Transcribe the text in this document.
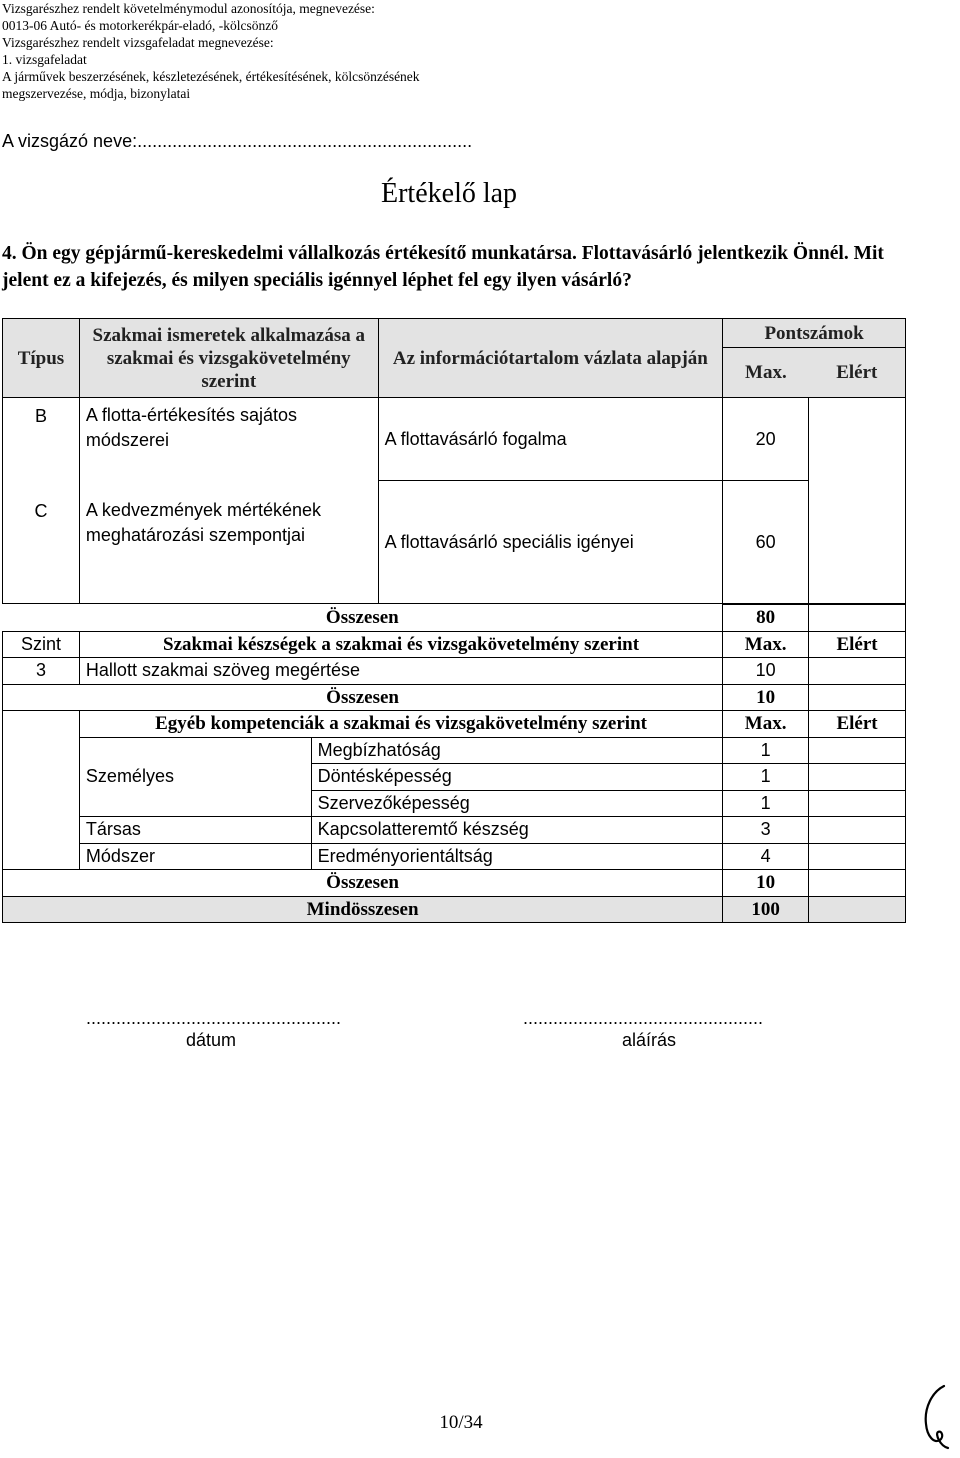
Vizsgarészhez rendelt követelménymodul azonosítója, megnevezése:
0013-06 Autó- és motorkerékpár-eladó, -kölcsönző
Vizsgarészhez rendelt vizsgafeladat megnevezése:
1. vizsgafeladat
A járművek beszerzésének, készletezésének, értékesítésének, kölcsönzésének
megszervezése, módja, bizonylatai
A vizsgázó neve:...................................................................
Értékelő lap
4. Ön egy gépjármű-kereskedelmi vállalkozás értékesítő munkatársa. Flottavásárló jelentkezik Önnél. Mit jelent ez a kifejezés, és milyen speciális igénnyel léphet fel egy ilyen vásárló?
Típus	Szakmai ismeretek alkalmazása a szakmai és vizsgakövetelmény szerint	Az információtartalom vázlata alapján	Pontszámok	
			Max.	Elért
B	A flotta-értékesítés sajátos módszerei	A flottavásárló fogalma	20	
C	A kedvezmények mértékének meghatározási szempontjai	A flottavásárló speciális igényei	60	
Összesen			80	
Szint	Szakmai készségek a szakmai és vizsgakövetelmény szerint		Max.	Elért
3	Hallott szakmai szöveg megértése		10	
Összesen			10	
	Egyéb kompetenciák a szakmai és vizsgakövetelmény szerint		Max.	Elért
	Személyes	Megbízhatóság	1	
		Döntésképesség	1	
		Szervezőképesség	1	
	Társas	Kapcsolatteremtő készség	3	
	Módszer	Eredményorientáltság	4	
Összesen			10	
Mindösszesen			100	
...................................................
dátum
................................................
aláírás
10/34
